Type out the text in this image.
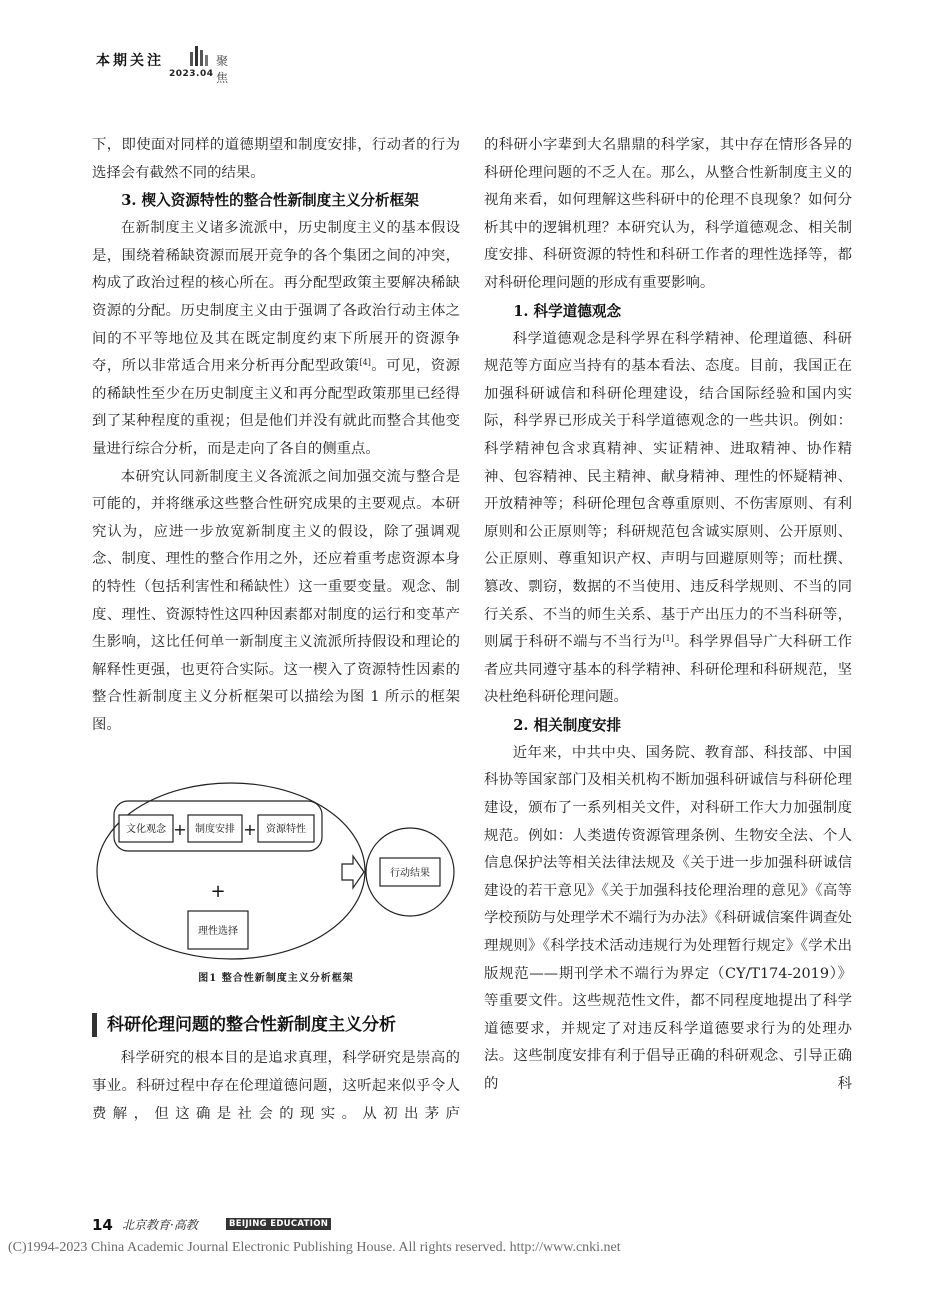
本期关注
2023.04
聚焦

下，即使面对同样的道德期望和制度安排，行动者的行为选择会有截然不同的结果。

3. 楔入资源特性的整合性新制度主义分析框架

在新制度主义诸多流派中，历史制度主义的基本假设是，围绕着稀缺资源而展开竞争的各个集团之间的冲突，构成了政治过程的核心所在。再分配型政策主要解决稀缺资源的分配。历史制度主义由于强调了各政治行动主体之间的不平等地位及其在既定制度约束下所展开的资源争夺，所以非常适合用来分析再分配型政策[4]。可见，资源的稀缺性至少在历史制度主义和再分配型政策那里已经得到了某种程度的重视；但是他们并没有就此而整合其他变量进行综合分析，而是走向了各自的侧重点。

本研究认同新制度主义各流派之间加强交流与整合是可能的，并将继承这些整合性研究成果的主要观点。本研究认为，应进一步放宽新制度主义的假设，除了强调观念、制度、理性的整合作用之外，还应着重考虑资源本身的特性（包括利害性和稀缺性）这一重要变量。观念、制度、理性、资源特性这四种因素都对制度的运行和变革产生影响，这比任何单一新制度主义流派所持假设和理论的解释性更强，也更符合实际。这一楔入了资源特性因素的整合性新制度主义分析框架可以描绘为图 1 所示的框架图。

文化观念 + 制度安排 + 资源特性
+
理性选择
行动结果

图1 整合性新制度主义分析框架

科研伦理问题的整合性新制度主义分析

科学研究的根本目的是追求真理，科学研究是崇高的事业。科研过程中存在伦理道德问题，这听起来似乎令人费解，但这确是社会的现实。从初出茅庐

的科研小字辈到大名鼎鼎的科学家，其中存在情形各异的科研伦理问题的不乏人在。那么，从整合性新制度主义的视角来看，如何理解这些科研中的伦理不良现象？如何分析其中的逻辑机理？本研究认为，科学道德观念、相关制度安排、科研资源的特性和科研工作者的理性选择等，都对科研伦理问题的形成有重要影响。

1. 科学道德观念

科学道德观念是科学界在科学精神、伦理道德、科研规范等方面应当持有的基本看法、态度。目前，我国正在加强科研诚信和科研伦理建设，结合国际经验和国内实际，科学界已形成关于科学道德观念的一些共识。例如：科学精神包含求真精神、实证精神、进取精神、协作精神、包容精神、民主精神、献身精神、理性的怀疑精神、开放精神等；科研伦理包含尊重原则、不伤害原则、有利原则和公正原则等；科研规范包含诚实原则、公开原则、公正原则、尊重知识产权、声明与回避原则等；而杜撰、篡改、剽窃，数据的不当使用、违反科学规则、不当的同行关系、不当的师生关系、基于产出压力的不当科研等，则属于科研不端与不当行为[1]。科学界倡导广大科研工作者应共同遵守基本的科学精神、科研伦理和科研规范，坚决杜绝科研伦理问题。

2. 相关制度安排

近年来，中共中央、国务院、教育部、科技部、中国科协等国家部门及相关机构不断加强科研诚信与科研伦理建设，颁布了一系列相关文件，对科研工作大力加强制度规范。例如：人类遗传资源管理条例、生物安全法、个人信息保护法等相关法律法规及《关于进一步加强科研诚信建设的若干意见》《关于加强科技伦理治理的意见》《高等学校预防与处理学术不端行为办法》《科研诚信案件调查处理规则》《科学技术活动违规行为处理暂行规定》《学术出版规范——期刊学术不端行为界定（CY/T174-2019）》等重要文件。这些规范性文件，都不同程度地提出了科学道德要求，并规定了对违反科学道德要求行为的处理办法。这些制度安排有利于倡导正确的科研观念、引导正确的科

14 北京教育·高教	BEIJING EDUCATION
(C)1994-2023 China Academic Journal Electronic Publishing House. All rights reserved. http://www.cnki.net
